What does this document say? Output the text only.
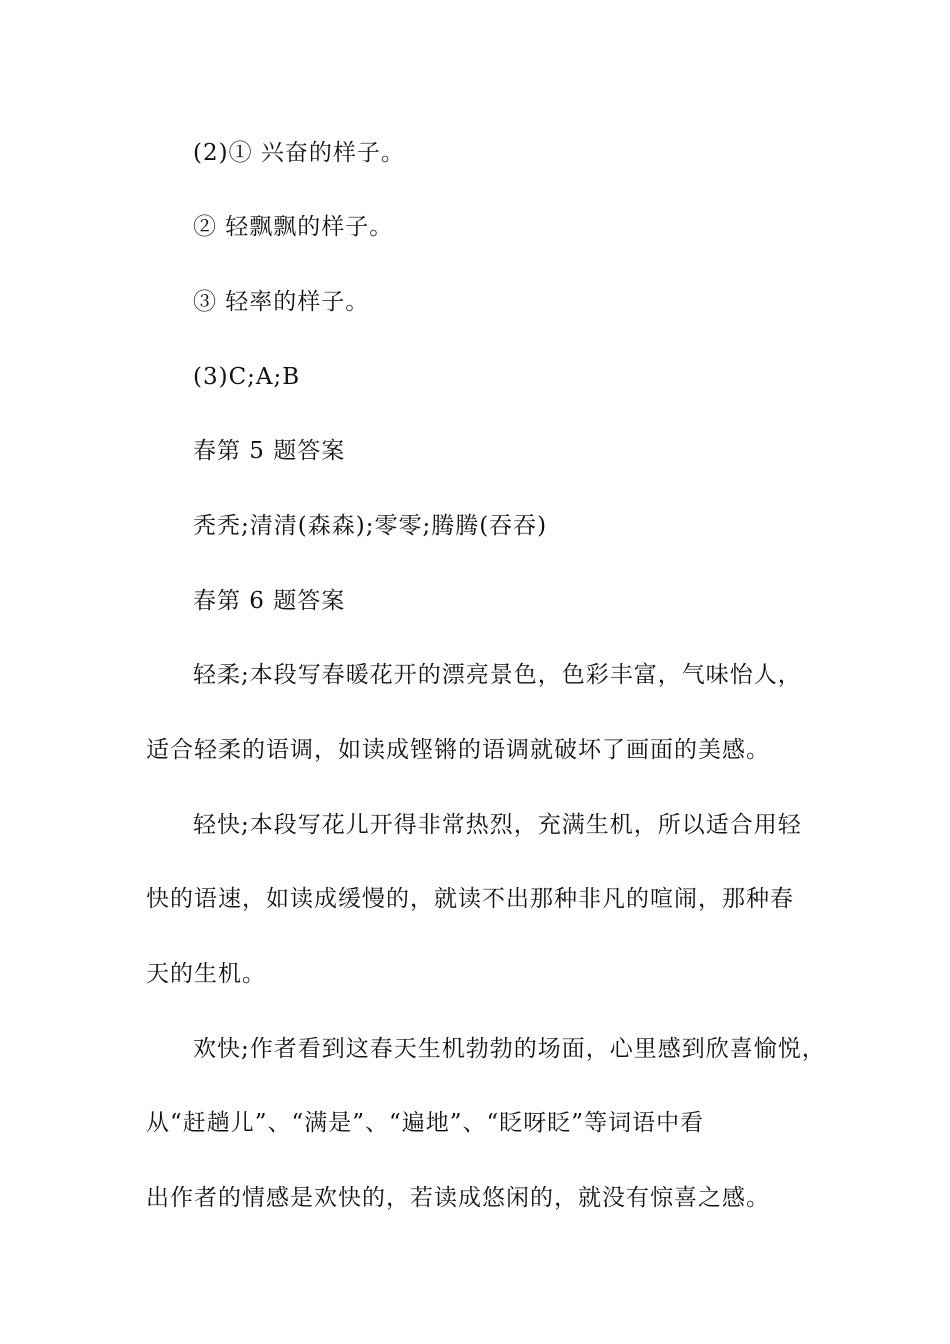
(2)① 兴奋的样子。
② 轻飘飘的样子。
③ 轻率的样子。
(3)C;A;B
春第 5 题答案
秃秃;清清(森森);零零;腾腾(吞吞)
春第 6 题答案
轻柔;本段写春暖花开的漂亮景色，色彩丰富，气味怡人，
适合轻柔的语调，如读成铿锵的语调就破坏了画面的美感。
轻快;本段写花儿开得非常热烈，充满生机，所以适合用轻
快的语速，如读成缓慢的，就读不出那种非凡的喧闹，那种春
天的生机。
欢快;作者看到这春天生机勃勃的场面，心里感到欣喜愉悦，
从“赶趟儿”、“满是”、“遍地”、“眨呀眨”等词语中看
出作者的情感是欢快的，若读成悠闲的，就没有惊喜之感。
